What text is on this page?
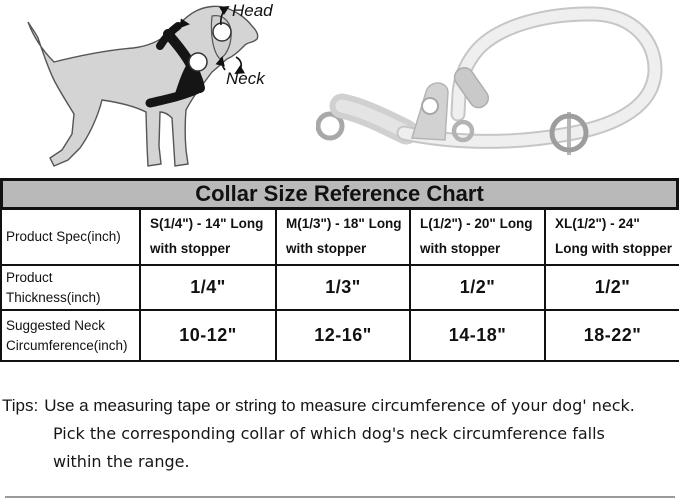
Head
Neck
Collar Size Reference Chart
Product Spec(inch)	S(1/4") - 14" Long with stopper	M(1/3") - 18" Long with stopper	L(1/2") - 20" Long with stopper	XL(1/2") - 24" Long with stopper
Product Thickness(inch)	1/4"	1/3"	1/2"	1/2"
Suggested Neck Circumference(inch)	10-12"	12-16"	14-18"	18-22"
Tips: Use a measuring tape or string to measure circumference of your dog' neck.
Pick the corresponding collar of which dog's neck circumference falls
within the range.
